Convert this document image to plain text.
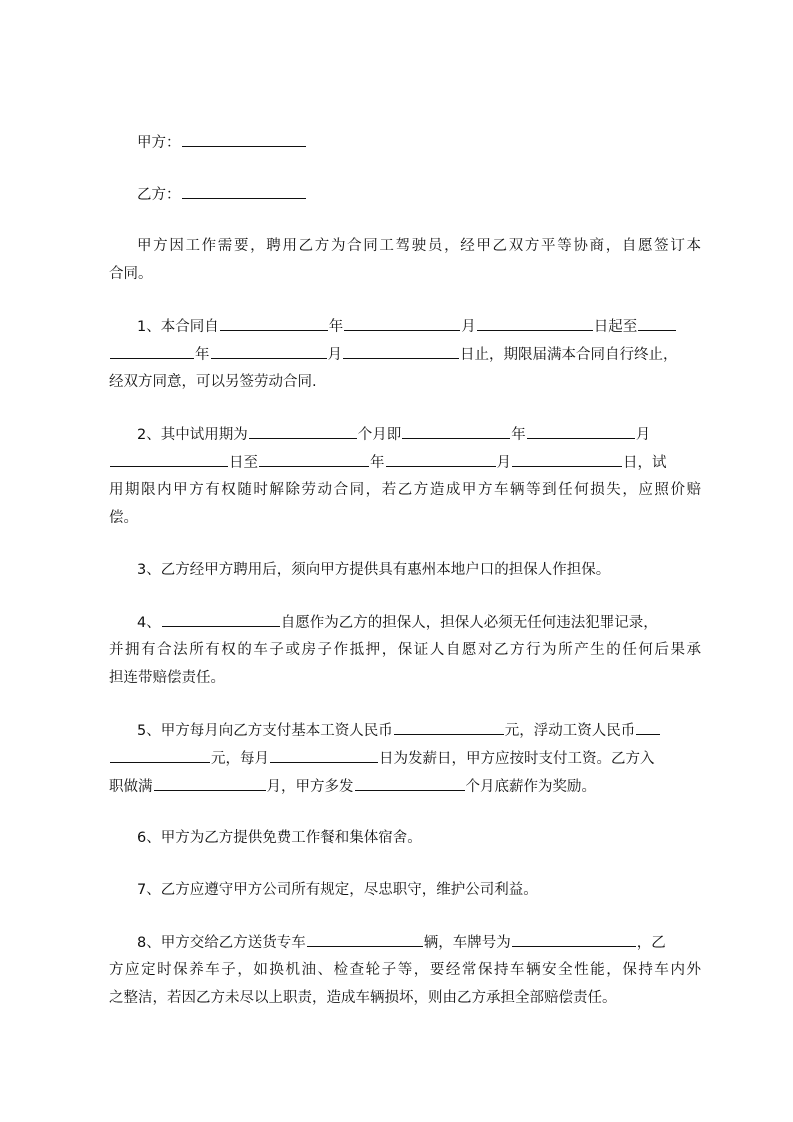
甲方：
乙方：
甲方因工作需要，聘用乙方为合同工驾驶员，经甲乙双方平等协商，自愿签订本
合同。
1、本合同自	年	月	日起至
年	月	日止，期限届满本合同自行终止，
经双方同意，可以另签劳动合同.
2、其中试用期为	个月即	年	月
日至	年	月	日，试
用期限内甲方有权随时解除劳动合同，若乙方造成甲方车辆等到任何损失，应照价赔
偿。
3、乙方经甲方聘用后，须向甲方提供具有惠州本地户口的担保人作担保。
4、	自愿作为乙方的担保人，担保人必须无任何违法犯罪记录，
并拥有合法所有权的车子或房子作抵押，保证人自愿对乙方行为所产生的任何后果承
担连带赔偿责任。
5、甲方每月向乙方支付基本工资人民币	元，浮动工资人民币
元，每月	日为发薪日，甲方应按时支付工资。乙方入
职做满	月，甲方多发	个月底薪作为奖励。
6、甲方为乙方提供免费工作餐和集体宿舍。
7、乙方应遵守甲方公司所有规定，尽忠职守，维护公司利益。
8、甲方交给乙方送货专车	辆，车牌号为	，乙
方应定时保养车子，如换机油、检查轮子等，要经常保持车辆安全性能，保持车内外
之整洁，若因乙方未尽以上职责，造成车辆损坏，则由乙方承担全部赔偿责任。
